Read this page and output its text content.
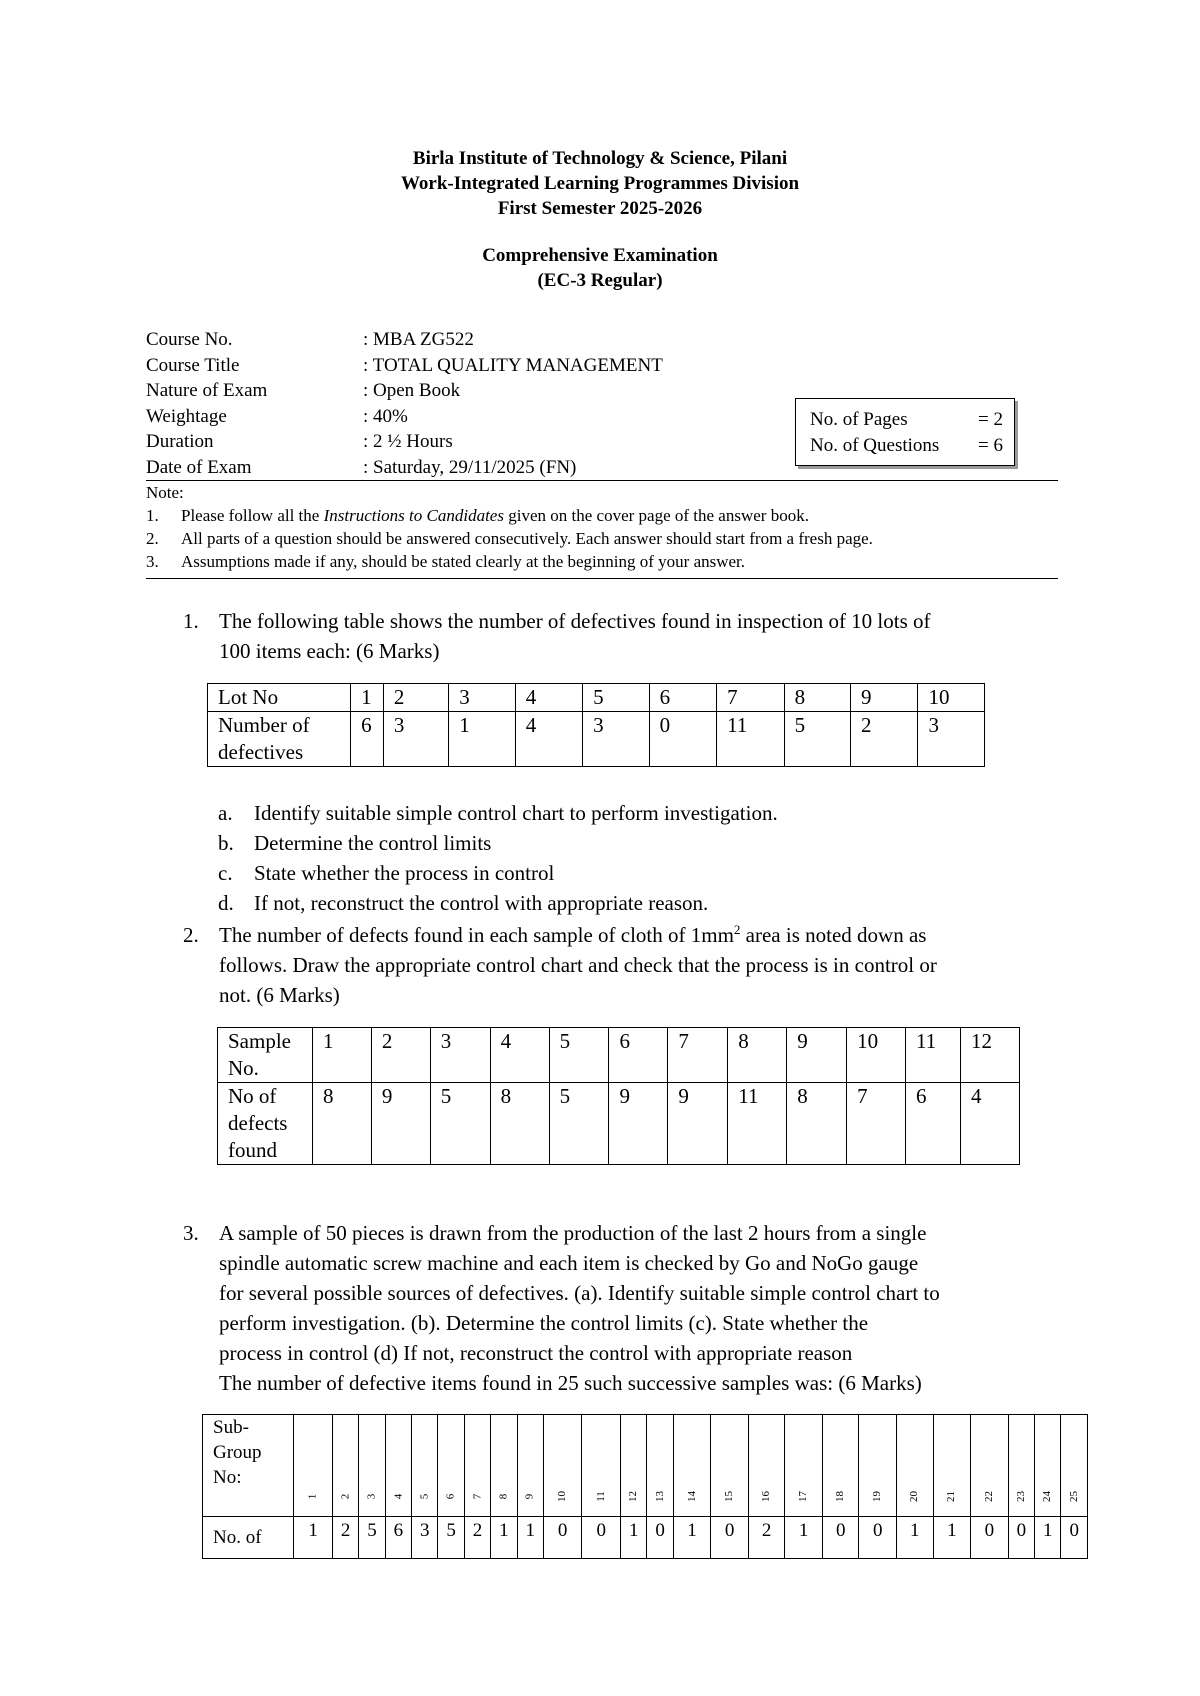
Birla Institute of Technology & Science, Pilani
Work-Integrated Learning Programmes Division
First Semester 2025-2026
Comprehensive Examination
(EC-3 Regular)
Course No.	: MBA ZG522
Course Title	: TOTAL QUALITY MANAGEMENT
Nature of Exam	: Open Book
Weightage	: 40%
Duration	: 2 ½ Hours
Date of Exam	: Saturday, 29/11/2025 (FN)
No. of Pages	= 2
No. of Questions = 6
Note:
1. Please follow all the Instructions to Candidates given on the cover page of the answer book.
2. All parts of a question should be answered consecutively. Each answer should start from a fresh page.
3. Assumptions made if any, should be stated clearly at the beginning of your answer.
1. The following table shows the number of defectives found in inspection of 10 lots of
100 items each: (6 Marks)
Lot No	1	2	3	4	5	6	7	8	9	10

Number of
defectives	6	3	1	4	3	0	11	5	2	3
a. Identify suitable simple control chart to perform investigation.
b. Determine the control limits
c. State whether the process in control
d. If not, reconstruct the control with appropriate reason.
2. The number of defects found in each sample of cloth of $1mm^2$ area is noted down as
follows. Draw the appropriate control chart and check that the process is in control or
not. (6 Marks)
Sample
No.	1	2	3	4	5	6	7	8	9	10	11	12

No of
defects
found	8	9	5	8	5	9	9	11	8	7	6	4
3. A sample of 50 pieces is drawn from the production of the last 2 hours from a single
spindle automatic screw machine and each item is checked by Go and NoGo gauge
for several possible sources of defectives. (a). Identify suitable simple control chart to
perform investigation. (b). Determine the control limits (c). State whether the
process in control (d) If not, reconstruct the control with appropriate reason
The number of defective items found in 25 such successive samples was: (6 Marks)
Sub-
Group
No:	1	2	3	4	5	6	7	8	9	10	11	12	13	14	15	16	17	18	19	20	21	22	23	24	25
No. of	1	2	5	6	3	5	2	1	1	0	0	1	0	1	0	2	1	0	0	1	1	0	0	1	0
